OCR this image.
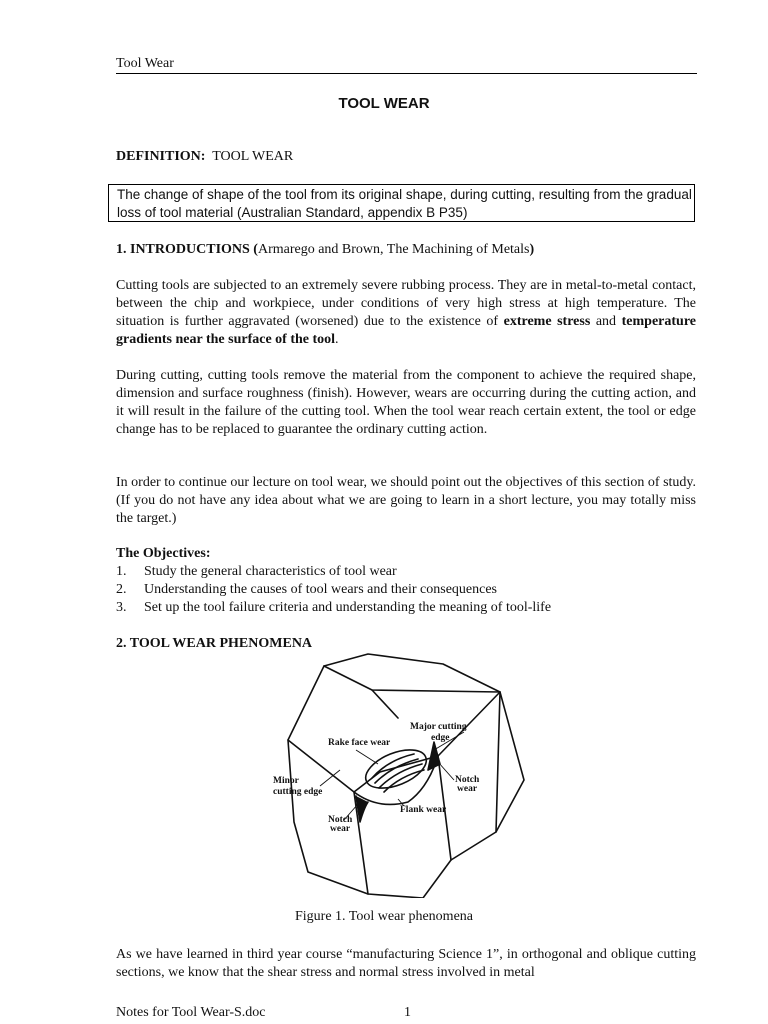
Tool Wear
TOOL WEAR
DEFINITION: TOOL WEAR
The change of shape of the tool from its original shape, during cutting, resulting from the gradual loss of tool material (Australian Standard, appendix B P35)
1. INTRODUCTIONS (Armarego and Brown, The Machining of Metals)
Cutting tools are subjected to an extremely severe rubbing process. They are in metal-to-metal contact, between the chip and workpiece, under conditions of very high stress at high temperature. The situation is further aggravated (worsened) due to the existence of extreme stress and temperature gradients near the surface of the tool.
During cutting, cutting tools remove the material from the component to achieve the required shape, dimension and surface roughness (finish). However, wears are occurring during the cutting action, and it will result in the failure of the cutting tool. When the tool wear reach certain extent, the tool or edge change has to be replaced to guarantee the ordinary cutting action.
In order to continue our lecture on tool wear, we should point out the objectives of this section of study. (If you do not have any idea about what we are going to learn in a short lecture, you may totally miss the target.)
The Objectives:
1. Study the general characteristics of tool wear
2. Understanding the causes of tool wears and their consequences
3. Set up the tool failure criteria and understanding the meaning of tool-life
2. TOOL WEAR PHENOMENA
Major cutting
edge
Rake face wear
Minor
cutting edge
Notch
wear
Flank wear
Notch
wear
Figure 1. Tool wear phenomena
As we have learned in third year course “manufacturing Science 1”, in orthogonal and oblique cutting sections, we know that the shear stress and normal stress involved in metal
Notes for Tool Wear-S.doc	1
